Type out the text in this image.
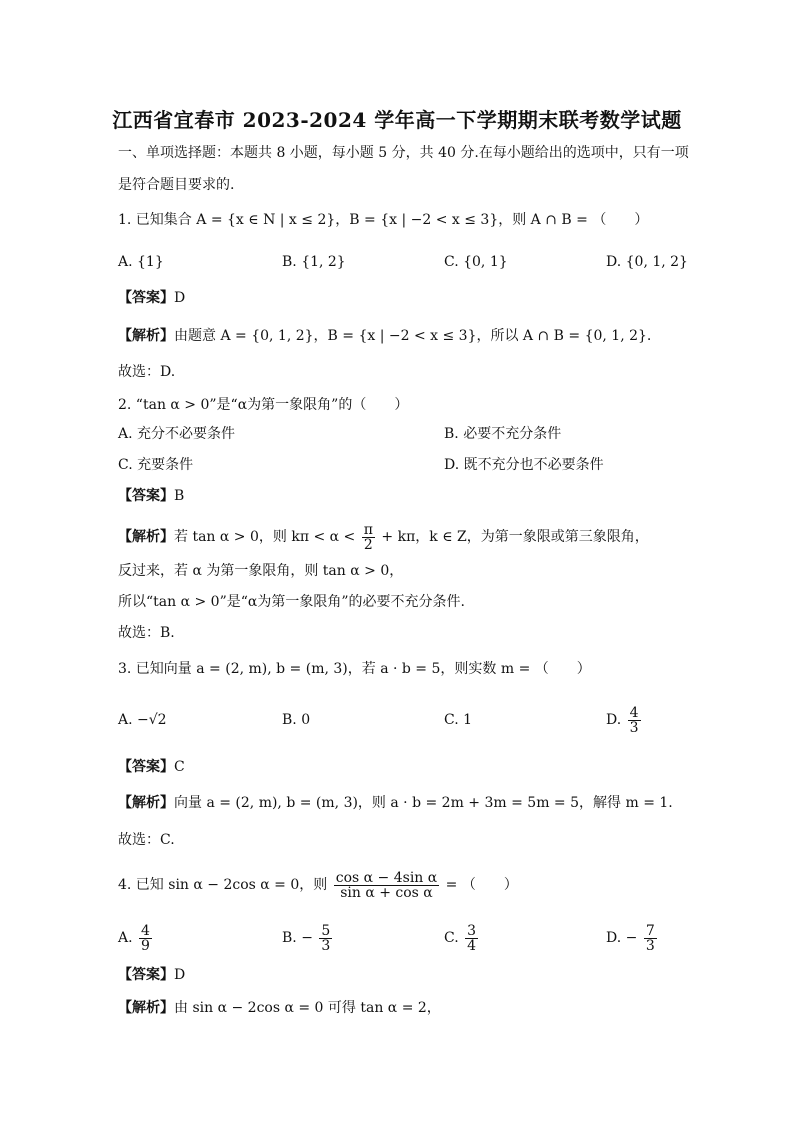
江西省宜春市 2023-2024 学年高一下学期期末联考数学试题
一、单项选择题：本题共 8 小题，每小题 5 分，共 40 分.在每小题给出的选项中，只有一项
是符合题目要求的.
1. 已知集合 A = {x ∈ N | x ≤ 2}，B = {x | −2 < x ≤ 3}，则 A ∩ B = （　　）
A. {1}	B. {1, 2}	C. {0, 1}	D. {0, 1, 2}
【答案】D
【解析】由题意 A = {0, 1, 2}，B = {x | −2 < x ≤ 3}，所以 A ∩ B = {0, 1, 2}.
故选：D.
2. “tan α > 0”是“α为第一象限角”的（　　）
A. 充分不必要条件	B. 必要不充分条件
C. 充要条件	D. 既不充分也不必要条件
【答案】B
【解析】若 tan α > 0，则 $k\pi < \alpha < \frac{\pi}{2} + k\pi$，k ∈ Z，为第一象限或第三象限角，
反过来，若 α 为第一象限角，则 tan α > 0，
所以“tan α > 0”是“α为第一象限角”的必要不充分条件.
故选：B.
3. 已知向量 a = (2, m), b = (m, 3)，若 a · b = 5，则实数 m = （　　）
A. −√2	B. 0	C. 1	D. $\frac{4}{3}$
【答案】C
【解析】向量 a = (2, m), b = (m, 3)，则 a · b = 2m + 3m = 5m = 5，解得 m = 1.
故选：C.
4. 已知 sin α − 2cos α = 0，则 $\frac{\text{cos α − 4sin α}}{\text{sin α + cos α}}$ = （　　）
A. $\frac{4}{9}$	B. − $\frac{5}{3}$	C. $\frac{3}{4}$	D. − $\frac{7}{3}$
【答案】D
【解析】由 sin α − 2cos α = 0 可得 tan α = 2，
